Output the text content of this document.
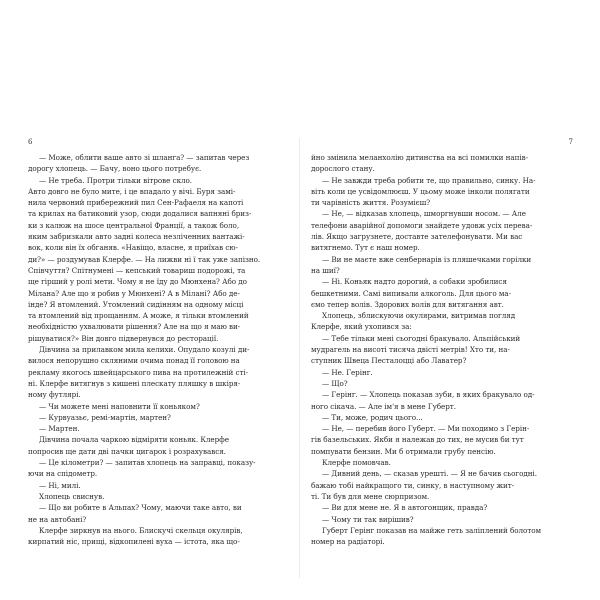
6
— Може, облити ваше авто зі шланга? — запитав через
дорогу хлопець. — Бачу, воно цього потребує.
— Не треба. Протри тільки вітрове скло.
Авто довго не було мите, і це впадало у вічі. Буря замі-
нила червоний прибережний пил Сен-Рафаеля на капоті
та крилах на батиковий узор, сюди додалися вапняні бриз-
ки з калюж на шосе центральної Франції, а також боло,
яким забризкали авто задні колеса незліченних вантажі-
вок, коли він їх обганяв. «Навіщо, власне, я приїхав сю-
ди?» — роздумував Клерфе. — На лижви ні ї так уже запізно.
Співчуття? Спітнумені — кепський товариш подорожі, та
ще гірший у ролі мети. Чому я не їду до Мюнхена? Або до
Мілана? Але що я робив у Мюнхені? А в Мілані? Або де-
інде? Я втомлений. Утомлений сидінням на одному місці
та втомлений від прощанням. А може, я тільки втомлений
необхідністю ухвалювати рішення? Але на що я маю ви-
рішуватися?» Він довго підвернувся до ресторації.
Дівчина за прилавком мила келихи. Опудало козулі ди-
вилося непорушно скляними очима понад її головою на
рекламу якогось швейцарського пива на протилежній сті-
ні. Клерфе витягнув з кишені плескату пляшку в шкіря-
ному футлярі.
— Чи можете мені наповнити її коньяком?
— Курвуазьє, ремі-мартін, мартен?
— Мартен.
Дівчина почала чаркою відміряти коньяк. Клерфе
попросив ще дати дві пачки цигарок і розрахувався.
— Це кілометри? — запитав хлопець на заправці, показу-
ючи на спідометр.
— Ні, милі.
Хлопець свиснув.
— Що ви робите в Альпах? Чому, маючи таке авто, ви
не на автобані?
Клерфе зиркнув на нього. Блискучі скельця окулярів,
кирпатий ніс, прищі, відкопилені вуха — істота, яка що-
7
йно змінила меланхолію дитинства на всі помилки напів-
дорослого стану.
— Не завжди треба робити те, що правильно, синку. На-
віть коли це усвідомлюєш. У цьому може інколи полягати
ти чарівність життя. Розумієш?
— Не, — відказав хлопець, шморгнувши носом. — Але
телефони аварійної допомоги знайдете удовж усіх перева-
лів. Якщо загрузнете, доставте зателефонувати. Ми вас
витягнемо. Тут є наш номер.
— Ви не маєте вже сенбернарів із пляшечками горілки
на шиї?
— Ні. Коньяк надто дорогий, а собаки зробилися
бешкетними. Самі випивали алкоголь. Для цього ма-
ємо тепер волів. Здорових волів для витягання авт.
Хлопець, зблискуючи окулярами, витримав погляд
Клерфе, який ухопився за:
— Тебе тільки мені сьогодні бракувало. Альпійський
мудрагель на висоті тисяча двісті метрів! Хто ти, на-
ступник Швеца Песталоцці або Лаватер?
— Не. Герінг.
— Що?
— Герінг. — Хлопець показав зуби, в яких бракувало од-
ного сікача. — Але ім'я в мене Губерт.
— Ти, може, родич цього...
— Не, — перебив його Губерт. — Ми походимо з Герін-
гів базельських. Якби я належав до тих, не мусив би тут
помпувати бензин. Ми б отримали грубу пенсію.
Клерфе помовчав.
— Дивний день, — сказав урешті. — Я не бачив сьогодні.
бажаю тобі найкращого ти, синку, в наступному жит-
ті. Ти був для мене сюрпризом.
— Ви для мене не. Я в автогонщик, правда?
— Чому ти так вирішив?
Губерт Герінг показав на майже геть заліплений болотом
номер на радіаторі.
